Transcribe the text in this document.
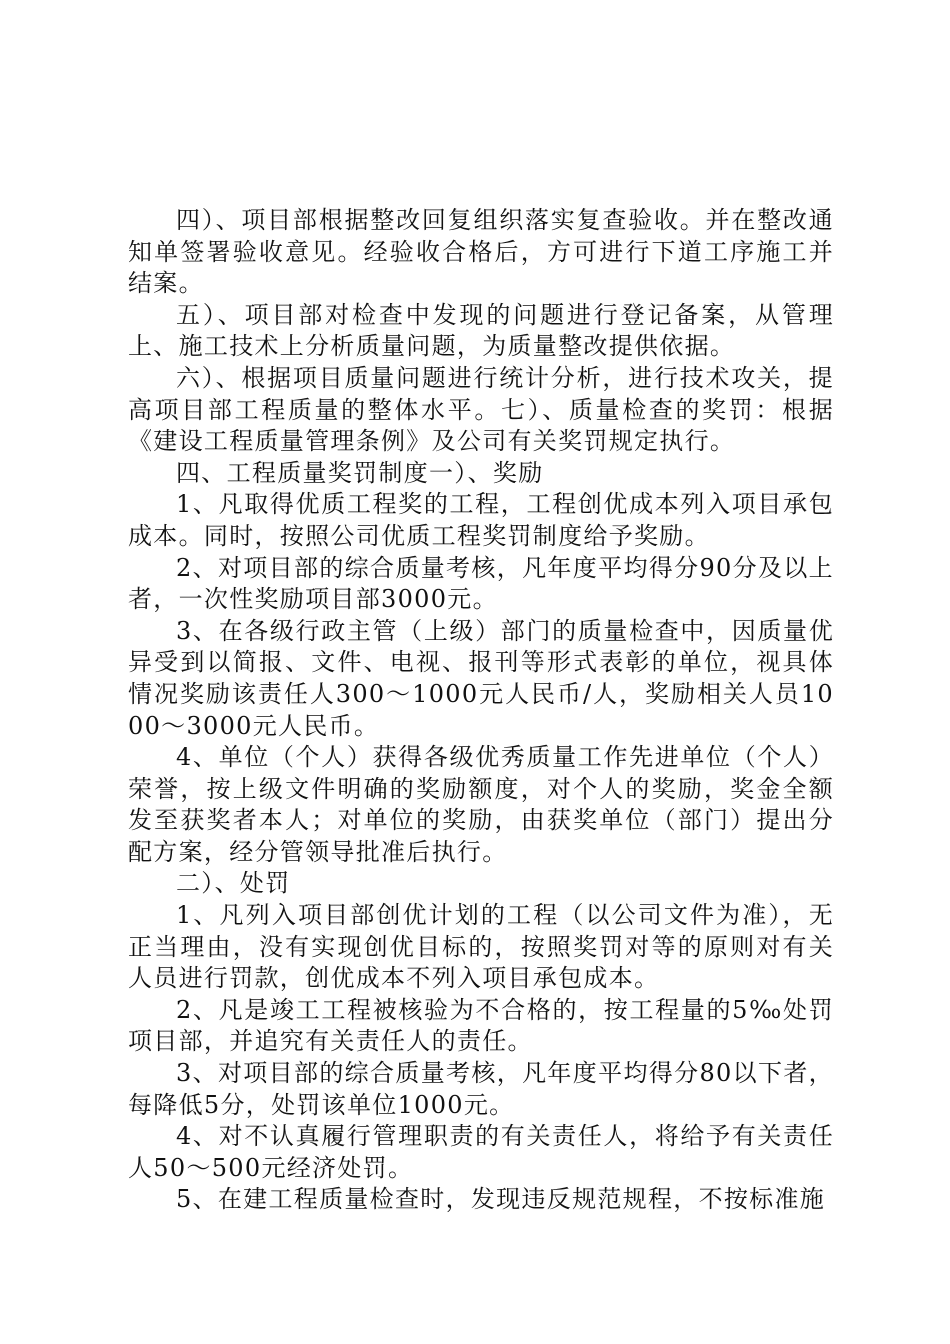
四）、项目部根据整改回复组织落实复查验收。并在整改通知单签署验收意见。经验收合格后，方可进行下道工序施工并结案。

五）、项目部对检查中发现的问题进行登记备案，从管理上、施工技术上分析质量问题，为质量整改提供依据。

六）、根据项目质量问题进行统计分析，进行技术攻关，提高项目部工程质量的整体水平。七）、质量检查的奖罚：根据《建设工程质量管理条例》及公司有关奖罚规定执行。

四、工程质量奖罚制度一）、奖励

1、凡取得优质工程奖的工程，工程创优成本列入项目承包成本。同时，按照公司优质工程奖罚制度给予奖励。

2、对项目部的综合质量考核，凡年度平均得分90分及以上者，一次性奖励项目部3000元。

3、在各级行政主管（上级）部门的质量检查中，因质量优异受到以简报、文件、电视、报刊等形式表彰的单位，视具体情况奖励该责任人300～1000元人民币/人，奖励相关人员1000～3000元人民币。

4、单位（个人）获得各级优秀质量工作先进单位（个人）荣誉，按上级文件明确的奖励额度，对个人的奖励，奖金全额发至获奖者本人；对单位的奖励，由获奖单位（部门）提出分配方案，经分管领导批准后执行。

二）、处罚

1、凡列入项目部创优计划的工程（以公司文件为准），无正当理由，没有实现创优目标的，按照奖罚对等的原则对有关人员进行罚款，创优成本不列入项目承包成本。

2、凡是竣工工程被核验为不合格的，按工程量的5‰处罚项目部，并追究有关责任人的责任。

3、对项目部的综合质量考核，凡年度平均得分80以下者，每降低5分，处罚该单位1000元。

4、对不认真履行管理职责的有关责任人，将给予有关责任人50～500元经济处罚。

5、在建工程质量检查时，发现违反规范规程，不按标准施
